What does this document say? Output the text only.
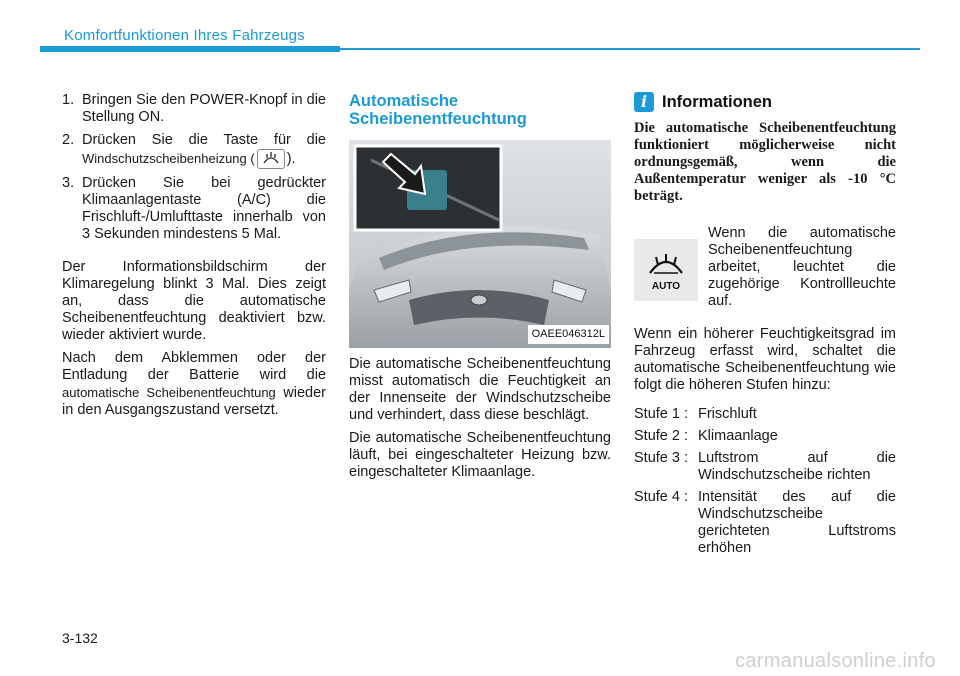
Komfortfunktionen Ihres Fahrzeugs
1. Bringen Sie den POWER-Knopf in die Stellung ON.
2. Drücken Sie die Taste für die Windschutzscheibenheizung ( ).
3. Drücken Sie bei gedrückter Klimaanlagentaste (A/C) die Frischluft-/Umlufttaste innerhalb von 3 Sekunden mindestens 5 Mal.

Der Informationsbildschirm der Klimaregelung blinkt 3 Mal. Dies zeigt an, dass die automatische Scheibenentfeuchtung deaktiviert bzw. wieder aktiviert wurde.

Nach dem Abklemmen oder der Entladung der Batterie wird die automatische Scheibenentfeuchtung wieder in den Ausgangszustand versetzt.

Automatische
Scheibenentfeuchtung
OAEE046312L

Die automatische Scheibenentfeuchtung misst automatisch die Feuchtigkeit an der Innenseite der Windschutzscheibe und verhindert, dass diese beschlägt.

Die automatische Scheibenentfeuchtung läuft, bei eingeschalteter Heizung bzw. eingeschalteter Klimaanlage.

i Informationen
Die automatische Scheibenentfeuchtung funktioniert möglicherweise nicht ordnungsgemäß, wenn die Außentemperatur weniger als -10 °C beträgt.
AUTO
Wenn die automatische Scheibenentfeuchtung arbeitet, leuchtet die zugehörige Kontrollleuchte auf.

Wenn ein höherer Feuchtigkeitsgrad im Fahrzeug erfasst wird, schaltet die automatische Scheibenentfeuchtung wie folgt die höheren Stufen hinzu:

Stufe 1 : Frischluft
Stufe 2 : Klimaanlage
Stufe 3 : Luftstrom auf die Windschutzscheibe richten
Stufe 4 : Intensität des auf die Windschutzscheibe gerichteten Luftstroms erhöhen
3-132
carmanualsonline.info
